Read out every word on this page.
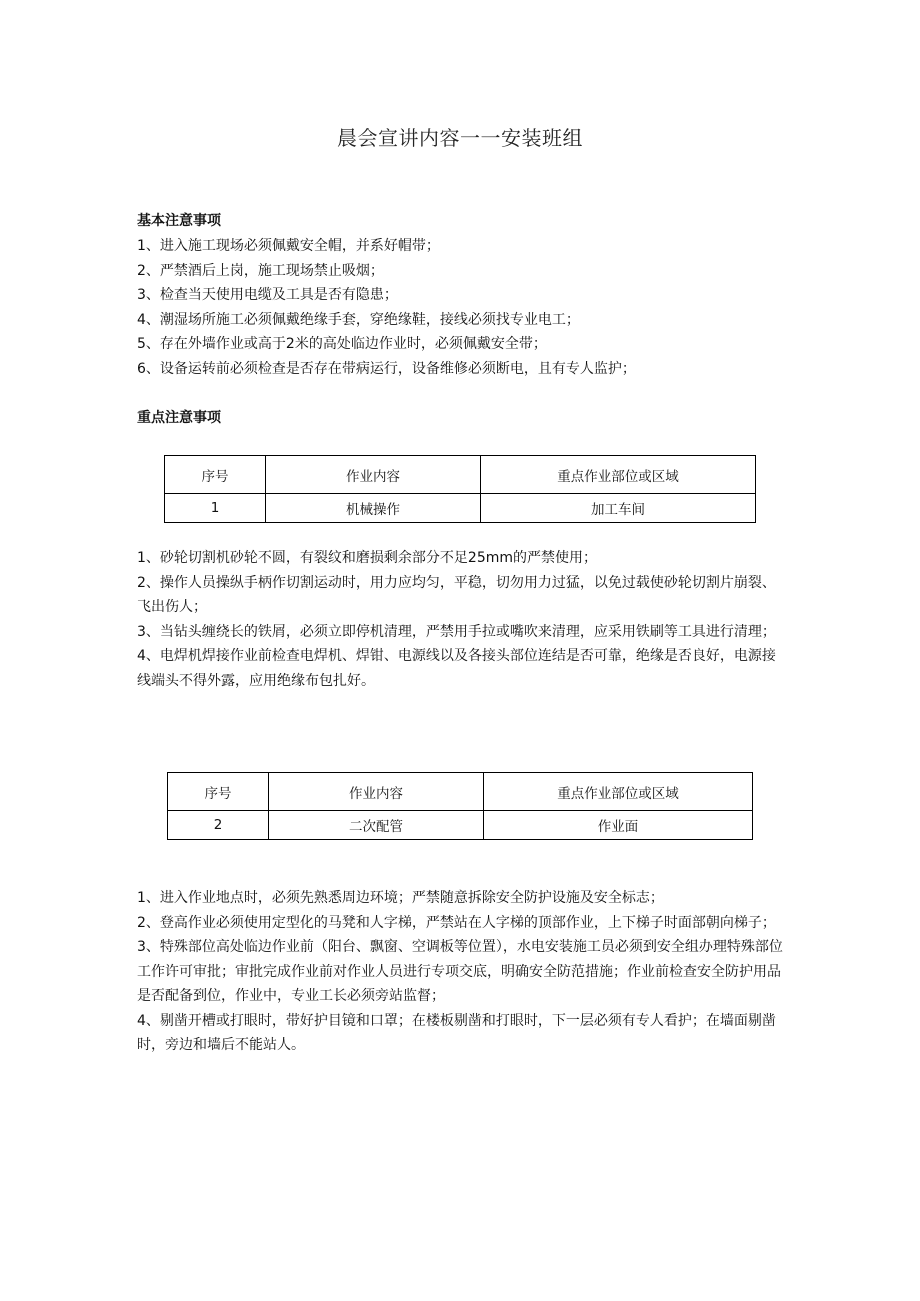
晨会宣讲内容一一安装班组
基本注意事项

1、进入施工现场必须佩戴安全帽，并系好帽带；

2、严禁酒后上岗，施工现场禁止吸烟；

3、检查当天使用电缆及工具是否有隐患；

4、潮湿场所施工必须佩戴绝缘手套，穿绝缘鞋，接线必须找专业电工；

5、存在外墙作业或高于2米的高处临边作业时，必须佩戴安全带；

6、设备运转前必须检查是否存在带病运行，设备维修必须断电，且有专人监护；

重点注意事项
序号	作业内容	重点作业部位或区域
1	机械操作	加工车间

1、砂轮切割机砂轮不圆，有裂纹和磨损剩余部分不足25mm的严禁使用；

2、操作人员操纵手柄作切割运动时，用力应均匀，平稳，切勿用力过猛，以免过载使砂轮切割片崩裂、飞出伤人；

3、当钻头缠绕长的铁屑，必须立即停机清理，严禁用手拉或嘴吹来清理，应采用铁刷等工具进行清理；

4、电焊机焊接作业前检查电焊机、焊钳、电源线以及各接头部位连结是否可靠，绝缘是否良好，电源接线端头不得外露，应用绝缘布包扎好。

序号	作业内容	重点作业部位或区域
2	二次配管	作业面

1、进入作业地点时，必须先熟悉周边环境；严禁随意拆除安全防护设施及安全标志；

2、登高作业必须使用定型化的马凳和人字梯，严禁站在人字梯的顶部作业，上下梯子时面部朝向梯子；

3、特殊部位高处临边作业前（阳台、飘窗、空调板等位置），水电安装施工员必须到安全组办理特殊部位工作许可审批；审批完成作业前对作业人员进行专项交底，明确安全防范措施；作业前检查安全防护用品是否配备到位，作业中，专业工长必须旁站监督；

4、剔凿开槽或打眼时，带好护目镜和口罩；在楼板剔凿和打眼时，下一层必须有专人看护；在墙面剔凿时，旁边和墙后不能站人。
